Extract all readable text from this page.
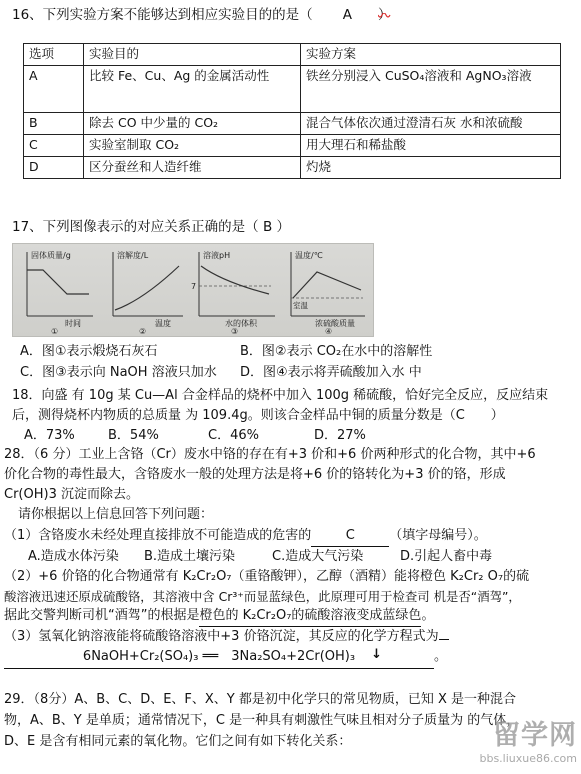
16、下列实验方案不能够达到相应实验目的的是（ A ）
选项	实验目的	实验方案
A	比较 Fe、Cu、Ag 的金属活动性	铁丝分别浸入 CuSO₄溶液和 AgNO₃溶液
B	除去 CO 中少量的 CO₂	混合气体依次通过澄清石灰 水和浓硫酸
C	实验室制取 CO₂	用大理石和稀盐酸
D	区分蚕丝和人造纤维	灼烧
17、下列图像表示的对应关系正确的是（ B ）
固体质量/g
时间
①
溶解度/L
温度
②
溶液pH
7
水的体积
③
温度/℃
室温
浓硫酸质量
④
A．图①表示煅烧石灰石	B．图②表示 CO₂在水中的溶解性
C．图③表示向 NaOH 溶液只加水 D．图④表示将弄硫酸加入水 中
18．向盛 有 10g 某 Cu—Al 合金样品的烧杯中加入 100g 稀硫酸，恰好完全反应，反应结束
后，测得烧杯内物质的总质量 为 109.4g。则该合金样品中铜的质量分数是（C　　）
A．73%	B．54%	C．46%	D．27%
28．（6 分）工业上含铬（Cr）废水中铬的存在有+3 价和+6 价两种形式的化合物，其中+6
价化合物的毒性最大，含铬废水一般的处理方法是将+6 价的铬转化为+3 价的铬，形成
Cr(OH)3 沉淀而除去。
请你根据以上信息回答下列问题：
（1）含铬废水未经处理直接排放不可能造成的危害的	C	（填字母编号）。
A.造成水体污染 B.造成土壤污染	C.造成大气污染	D.引起人畜中毒
（2）+6 价铬的化合物通常有 K₂Cr₂O₇（重铬酸钾），乙醇（酒精）能将橙色 K₂Cr₂ O₇的硫
酸溶液迅速还原成硫酸铬，其溶液中含 Cr³⁺而显蓝绿色，此原理可用于检查司 机是否“酒驾”，
据此交警判断司机“酒驾”的根据是橙色的 K₂Cr₂O₇的硫酸溶液变成蓝绿色。
（3）氢氧化钠溶液能将硫酸铬溶液中+3 价铬沉淀，其反应的化学方程式为
6NaOH+Cr₂(SO₄)₃ ══　3Na₂SO₄+2Cr(OH)₃ ↓	。
29．（8分）A、B、C、D、E、F、X、Y 都是初中化学只的常见物质，已知 X 是一种混合
物，A、B、Y 是单质；通常情况下，C 是一种具有刺激性气味且相对分子质量为 的气体，
D、E 是含有相同元素的氧化物。它们之间有如下转化关系：	留学网
bbs.liuxue86.com
